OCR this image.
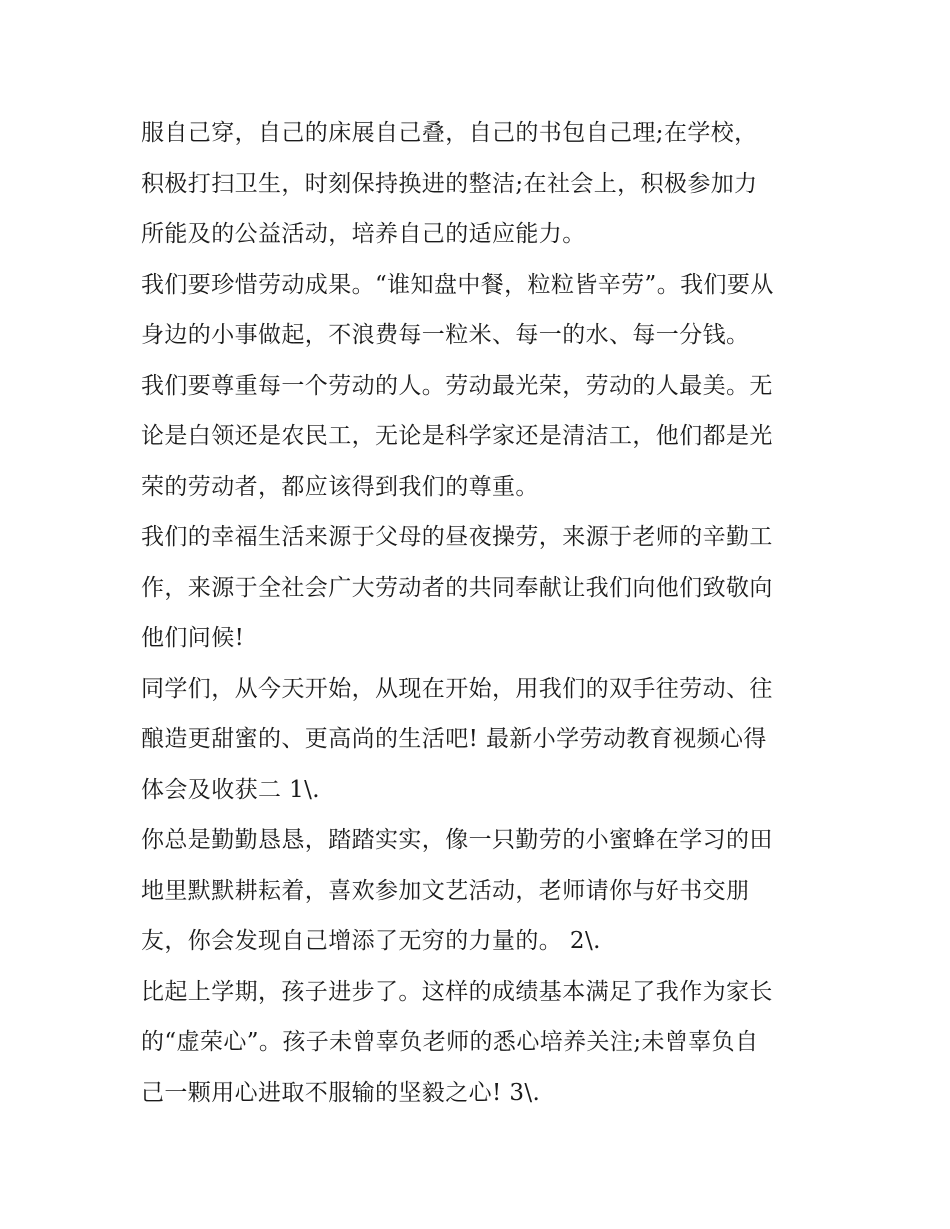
服自己穿，自己的床展自己叠，自己的书包自己理;在学校，
积极打扫卫生，时刻保持换进的整洁;在社会上，积极参加力
所能及的公益活动，培养自己的适应能力。

我们要珍惜劳动成果。“谁知盘中餐，粒粒皆辛劳”。我们要从
身边的小事做起，不浪费每一粒米、每一的水、每一分钱。

我们要尊重每一个劳动的人。劳动最光荣，劳动的人最美。无
论是白领还是农民工，无论是科学家还是清洁工，他们都是光
荣的劳动者，都应该得到我们的尊重。

我们的幸福生活来源于父母的昼夜操劳，来源于老师的辛勤工
作，来源于全社会广大劳动者的共同奉献让我们向他们致敬向
他们问候!

同学们，从今天开始，从现在开始，用我们的双手往劳动、往
酿造更甜蜜的、更高尚的生活吧! 最新小学劳动教育视频心得
体会及收获二 1\.

你总是勤勤恳恳，踏踏实实，像一只勤劳的小蜜蜂在学习的田
地里默默耕耘着，喜欢参加文艺活动，老师请你与好书交朋
友，你会发现自己增添了无穷的力量的。 2\.

比起上学期，孩子进步了。这样的成绩基本满足了我作为家长
的“虚荣心”。孩子未曾辜负老师的悉心培养关注;未曾辜负自
己一颗用心进取不服输的坚毅之心! 3\.
